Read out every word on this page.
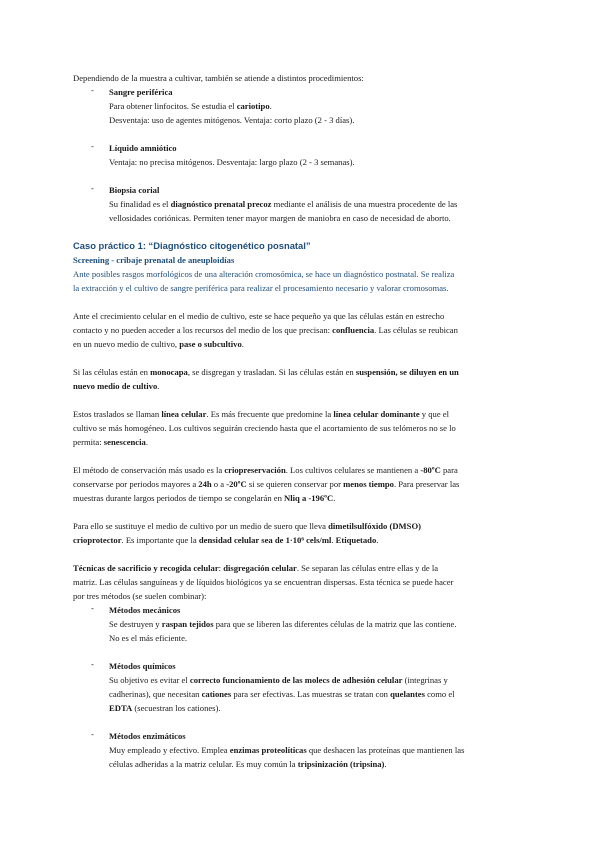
Dependiendo de la muestra a cultivar, también se atiende a distintos procedimientos:

- Sangre periférica

Para obtener linfocitos. Se estudia el cariotipo.

Desventaja: uso de agentes mitógenos. Ventaja: corto plazo (2 - 3 días).

- Líquido amniótico

Ventaja: no precisa mitógenos. Desventaja: largo plazo (2 - 3 semanas).

- Biopsia corial

Su finalidad es el diagnóstico prenatal precoz mediante el análisis de una muestra procedente de las

vellosidades coriónicas. Permiten tener mayor margen de maniobra en caso de necesidad de aborto.

Caso práctico 1: “Diagnóstico citogenético posnatal”

Screening - cribaje prenatal de aneuploidías

Ante posibles rasgos morfológicos de una alteración cromosómica, se hace un diagnóstico postnatal. Se realiza

la extracción y el cultivo de sangre periférica para realizar el procesamiento necesario y valorar cromosomas.

Ante el crecimiento celular en el medio de cultivo, este se hace pequeño ya que las células están en estrecho

contacto y no pueden acceder a los recursos del medio de los que precisan: confluencia. Las células se reubican

en un nuevo medio de cultivo, pase o subcultivo.

Si las células están en monocapa, se disgregan y trasladan. Si las células están en suspensión, se diluyen en un

nuevo medio de cultivo.

Estos traslados se llaman línea celular. Es más frecuente que predomine la línea celular dominante y que el

cultivo se más homogéneo. Los cultivos seguirán creciendo hasta que el acortamiento de sus telómeros no se lo

permita: senescencia.

El método de conservación más usado es la criopreservación. Los cultivos celulares se mantienen a -80ºC para

conservarse por periodos mayores a 24h o a -20ºC si se quieren conservar por menos tiempo. Para preservar las

muestras durante largos periodos de tiempo se congelarán en Nliq a -196ºC.

Para ello se sustituye el medio de cultivo por un medio de suero que lleva dimetilsulfóxido (DMSO)

crioprotector. Es importante que la densidad celular sea de 1·10⁶ cels/ml. Etiquetado.

Técnicas de sacrificio y recogida celular: disgregación celular. Se separan las células entre ellas y de la

matriz. Las células sanguíneas y de líquidos biológicos ya se encuentran dispersas. Esta técnica se puede hacer

por tres métodos (se suelen combinar):

- Métodos mecánicos

Se destruyen y raspan tejidos para que se liberen las diferentes células de la matriz que las contiene.

No es el más eficiente.

- Métodos químicos

Su objetivo es evitar el correcto funcionamiento de las molecs de adhesión celular (integrinas y

cadherinas), que necesitan cationes para ser efectivas. Las muestras se tratan con quelantes como el

EDTA (secuestran los cationes).

- Métodos enzimáticos

Muy empleado y efectivo. Emplea enzimas proteolíticas que deshacen las proteínas que mantienen las

células adheridas a la matriz celular. Es muy común la tripsinización (tripsina).
